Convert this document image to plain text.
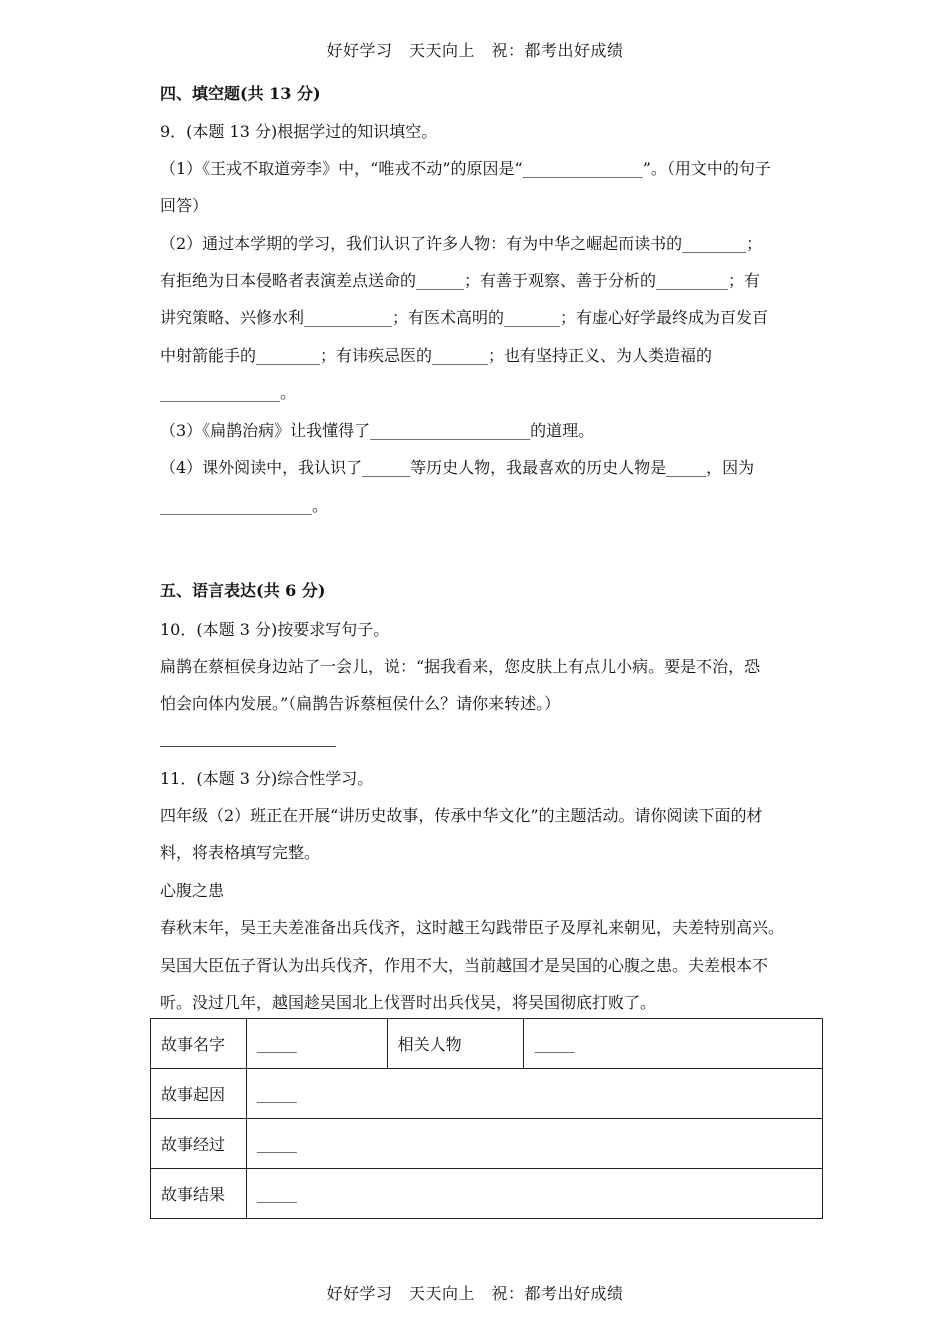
好好学习　天天向上　祝：都考出好成绩
四、填空题(共 13 分)
9．(本题 13 分)根据学过的知识填空。
（1）《王戎不取道旁李》中，“唯戎不动”的原因是“_______________”。（用文中的句子
回答）
（2）通过本学期的学习，我们认识了许多人物：有为中华之崛起而读书的________；
有拒绝为日本侵略者表演差点送命的______；有善于观察、善于分析的_________；有
讲究策略、兴修水利___________；有医术高明的_______；有虚心好学最终成为百发百
中射箭能手的________；有讳疾忌医的_______；也有坚持正义、为人类造福的
_______________。
（3）《扁鹊治病》让我懂得了____________________的道理。
（4）课外阅读中，我认识了______等历史人物，我最喜欢的历史人物是_____，因为
___________________。
五、语言表达(共 6 分)
10．(本题 3 分)按要求写句子。
扁鹊在蔡桓侯身边站了一会儿，说：“据我看来，您皮肤上有点儿小病。要是不治，恐
怕会向体内发展。”（扁鹊告诉蔡桓侯什么？请你来转述。）
11．(本题 3 分)综合性学习。
四年级（2）班正在开展“讲历史故事，传承中华文化”的主题活动。请你阅读下面的材
料，将表格填写完整。
心腹之患
春秋末年，吴王夫差准备出兵伐齐，这时越王勾践带臣子及厚礼来朝见，夫差特别高兴。
吴国大臣伍子胥认为出兵伐齐，作用不大，当前越国才是吴国的心腹之患。夫差根本不
听。没过几年，越国趁吴国北上伐晋时出兵伐吴，将吴国彻底打败了。
故事名字	_____	相关人物	_____
故事起因	_____		
故事经过	_____		
故事结果	_____		
好好学习　天天向上　祝：都考出好成绩
